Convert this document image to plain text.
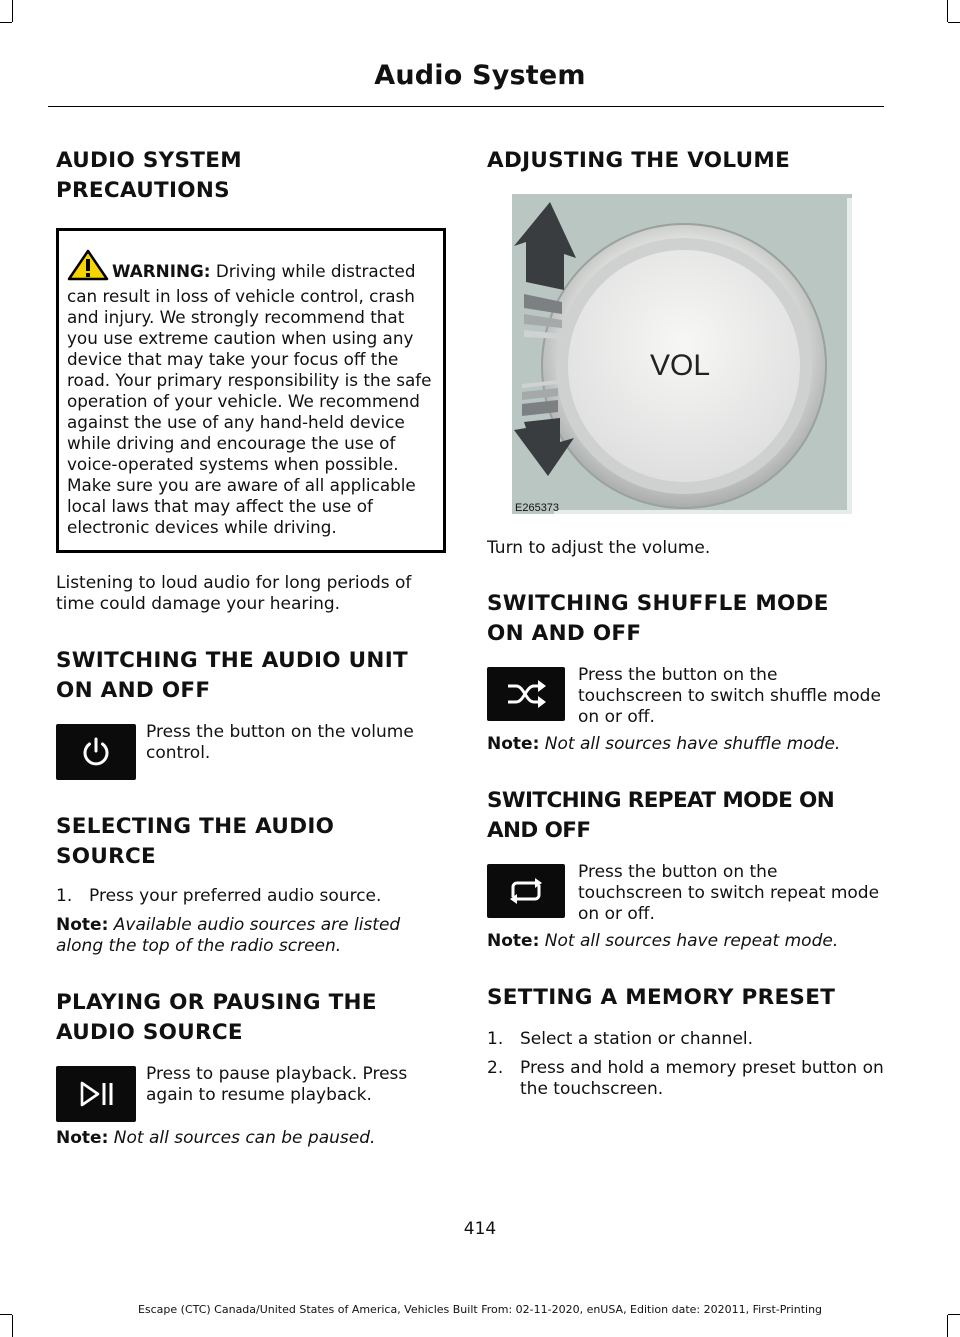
Audio System
AUDIO SYSTEM
PRECAUTIONS
WARNING: Driving while distracted can result in loss of vehicle control, crash and injury. We strongly recommend that you use extreme caution when using any device that may take your focus off the road. Your primary responsibility is the safe operation of your vehicle. We recommend against the use of any hand-held device while driving and encourage the use of voice-operated systems when possible. Make sure you are aware of all applicable local laws that may affect the use of electronic devices while driving.

Listening to loud audio for long periods of time could damage your hearing.

SWITCHING THE AUDIO UNIT
ON AND OFF
Press the button on the volume control.
SELECTING THE AUDIO
SOURCE
1. Press your preferred audio source.
Note: Available audio sources are listed along the top of the radio screen.
PLAYING OR PAUSING THE
AUDIO SOURCE
Press to pause playback. Press again to resume playback.
Note: Not all sources can be paused.
ADJUSTING THE VOLUME
VOL
E265373

Turn to adjust the volume.

SWITCHING SHUFFLE MODE
ON AND OFF
Press the button on the touchscreen to switch shuffle mode on or off.
Note: Not all sources have shuffle mode.
SWITCHING REPEAT MODE ON
AND OFF
Press the button on the touchscreen to switch repeat mode on or off.
Note: Not all sources have repeat mode.
SETTING A MEMORY PRESET
1. Select a station or channel.
2. Press and hold a memory preset button on the touchscreen.
414
Escape (CTC) Canada/United States of America, Vehicles Built From: 02-11-2020, enUSA, Edition date: 202011, First-Printing
